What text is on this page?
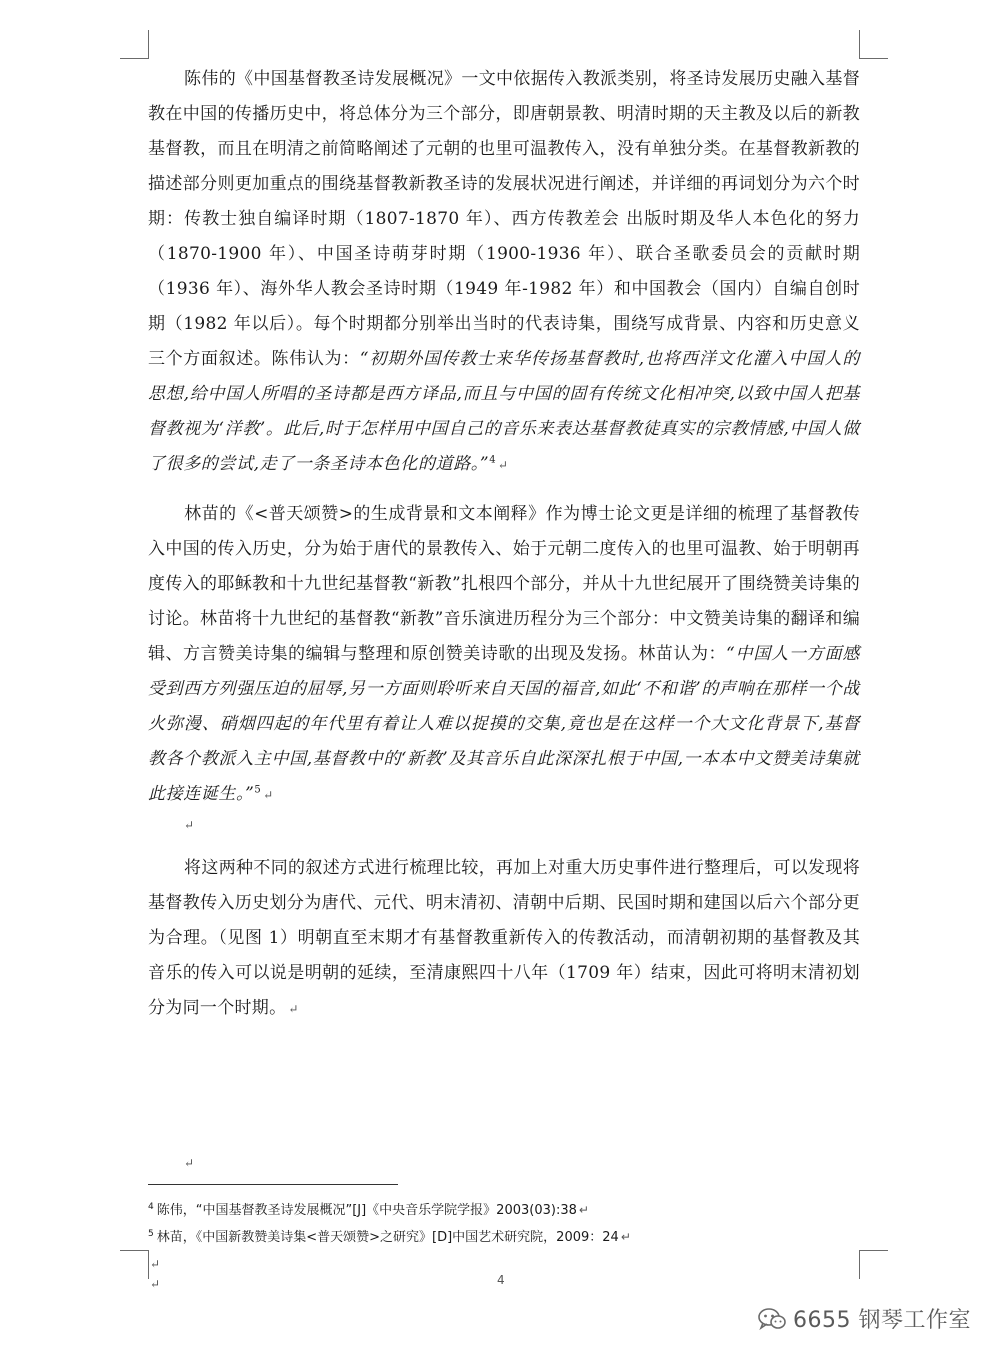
陈伟的《中国基督教圣诗发展概况》一文中依据传入教派类别，将圣诗发展历史融入基督教在中国的传播历史中，将总体分为三个部分，即唐朝景教、明清时期的天主教及以后的新教基督教，而且在明清之前简略阐述了元朝的也里可温教传入，没有单独分类。在基督教新教的描述部分则更加重点的围绕基督教新教圣诗的发展状况进行阐述，并详细的再词划分为六个时期：传教士独自编译时期（1807-1870 年）、西方传教差会 出版时期及华人本色化的努力（1870-1900 年）、中国圣诗萌芽时期（1900-1936 年）、联合圣歌委员会的贡献时期（1936 年）、海外华人教会圣诗时期（1949 年-1982 年）和中国教会（国内）自编自创时期（1982 年以后）。每个时期都分别举出当时的代表诗集，围绕写成背景、内容和历史意义三个方面叙述。陈伟认为：“初期外国传教士来华传扬基督教时,也将西洋文化灌入中国人的思想,给中国人所唱的圣诗都是西方译品,而且与中国的固有传统文化相冲突,以致中国人把基督教视为‘洋教’。此后,时于怎样用中国自己的音乐来表达基督教徒真实的宗教情感,中国人做了很多的尝试,走了一条圣诗本色化的道路。”$^4$ ↵

林苗的《<普天颂赞>的生成背景和文本阐释》作为博士论文更是详细的梳理了基督教传入中国的传入历史，分为始于唐代的景教传入、始于元朝二度传入的也里可温教、始于明朝再度传入的耶稣教和十九世纪基督教“新教”扎根四个部分，并从十九世纪展开了围绕赞美诗集的讨论。林苗将十九世纪的基督教“新教”音乐演进历程分为三个部分：中文赞美诗集的翻译和编辑、方言赞美诗集的编辑与整理和原创赞美诗歌的出现及发扬。林苗认为：“中国人一方面感受到西方列强压迫的屈辱,另一方面则聆听来自天国的福音,如此‘不和谐’的声响在那样一个战火弥漫、硝烟四起的年代里有着让人难以捉摸的交集,竟也是在这样一个大文化背景下,基督教各个教派入主中国,基督教中的‘新教’及其音乐自此深深扎根于中国,一本本中文赞美诗集就此接连诞生。”$^5$ ↵

↵

将这两种不同的叙述方式进行梳理比较，再加上对重大历史事件进行整理后，可以发现将基督教传入历史划分为唐代、元代、明末清初、清朝中后期、民国时期和建国以后六个部分更为合理。（见图 1）明朝直至末期才有基督教重新传入的传教活动，而清朝初期的基督教及其音乐的传入可以说是明朝的延续，至清康熙四十八年（1709 年）结束，因此可将明末清初划分为同一个时期。 ↵

↵
$^4$ 陈伟，“中国基督教圣诗发展概况”[J]《中央音乐学院学报》2003(03):38 ↵
$^5$ 林苗，《中国新教赞美诗集<普天颂赞>之研究》[D]中国艺术研究院，2009：24 ↵
↵
↵	4
6655 钢琴工作室
